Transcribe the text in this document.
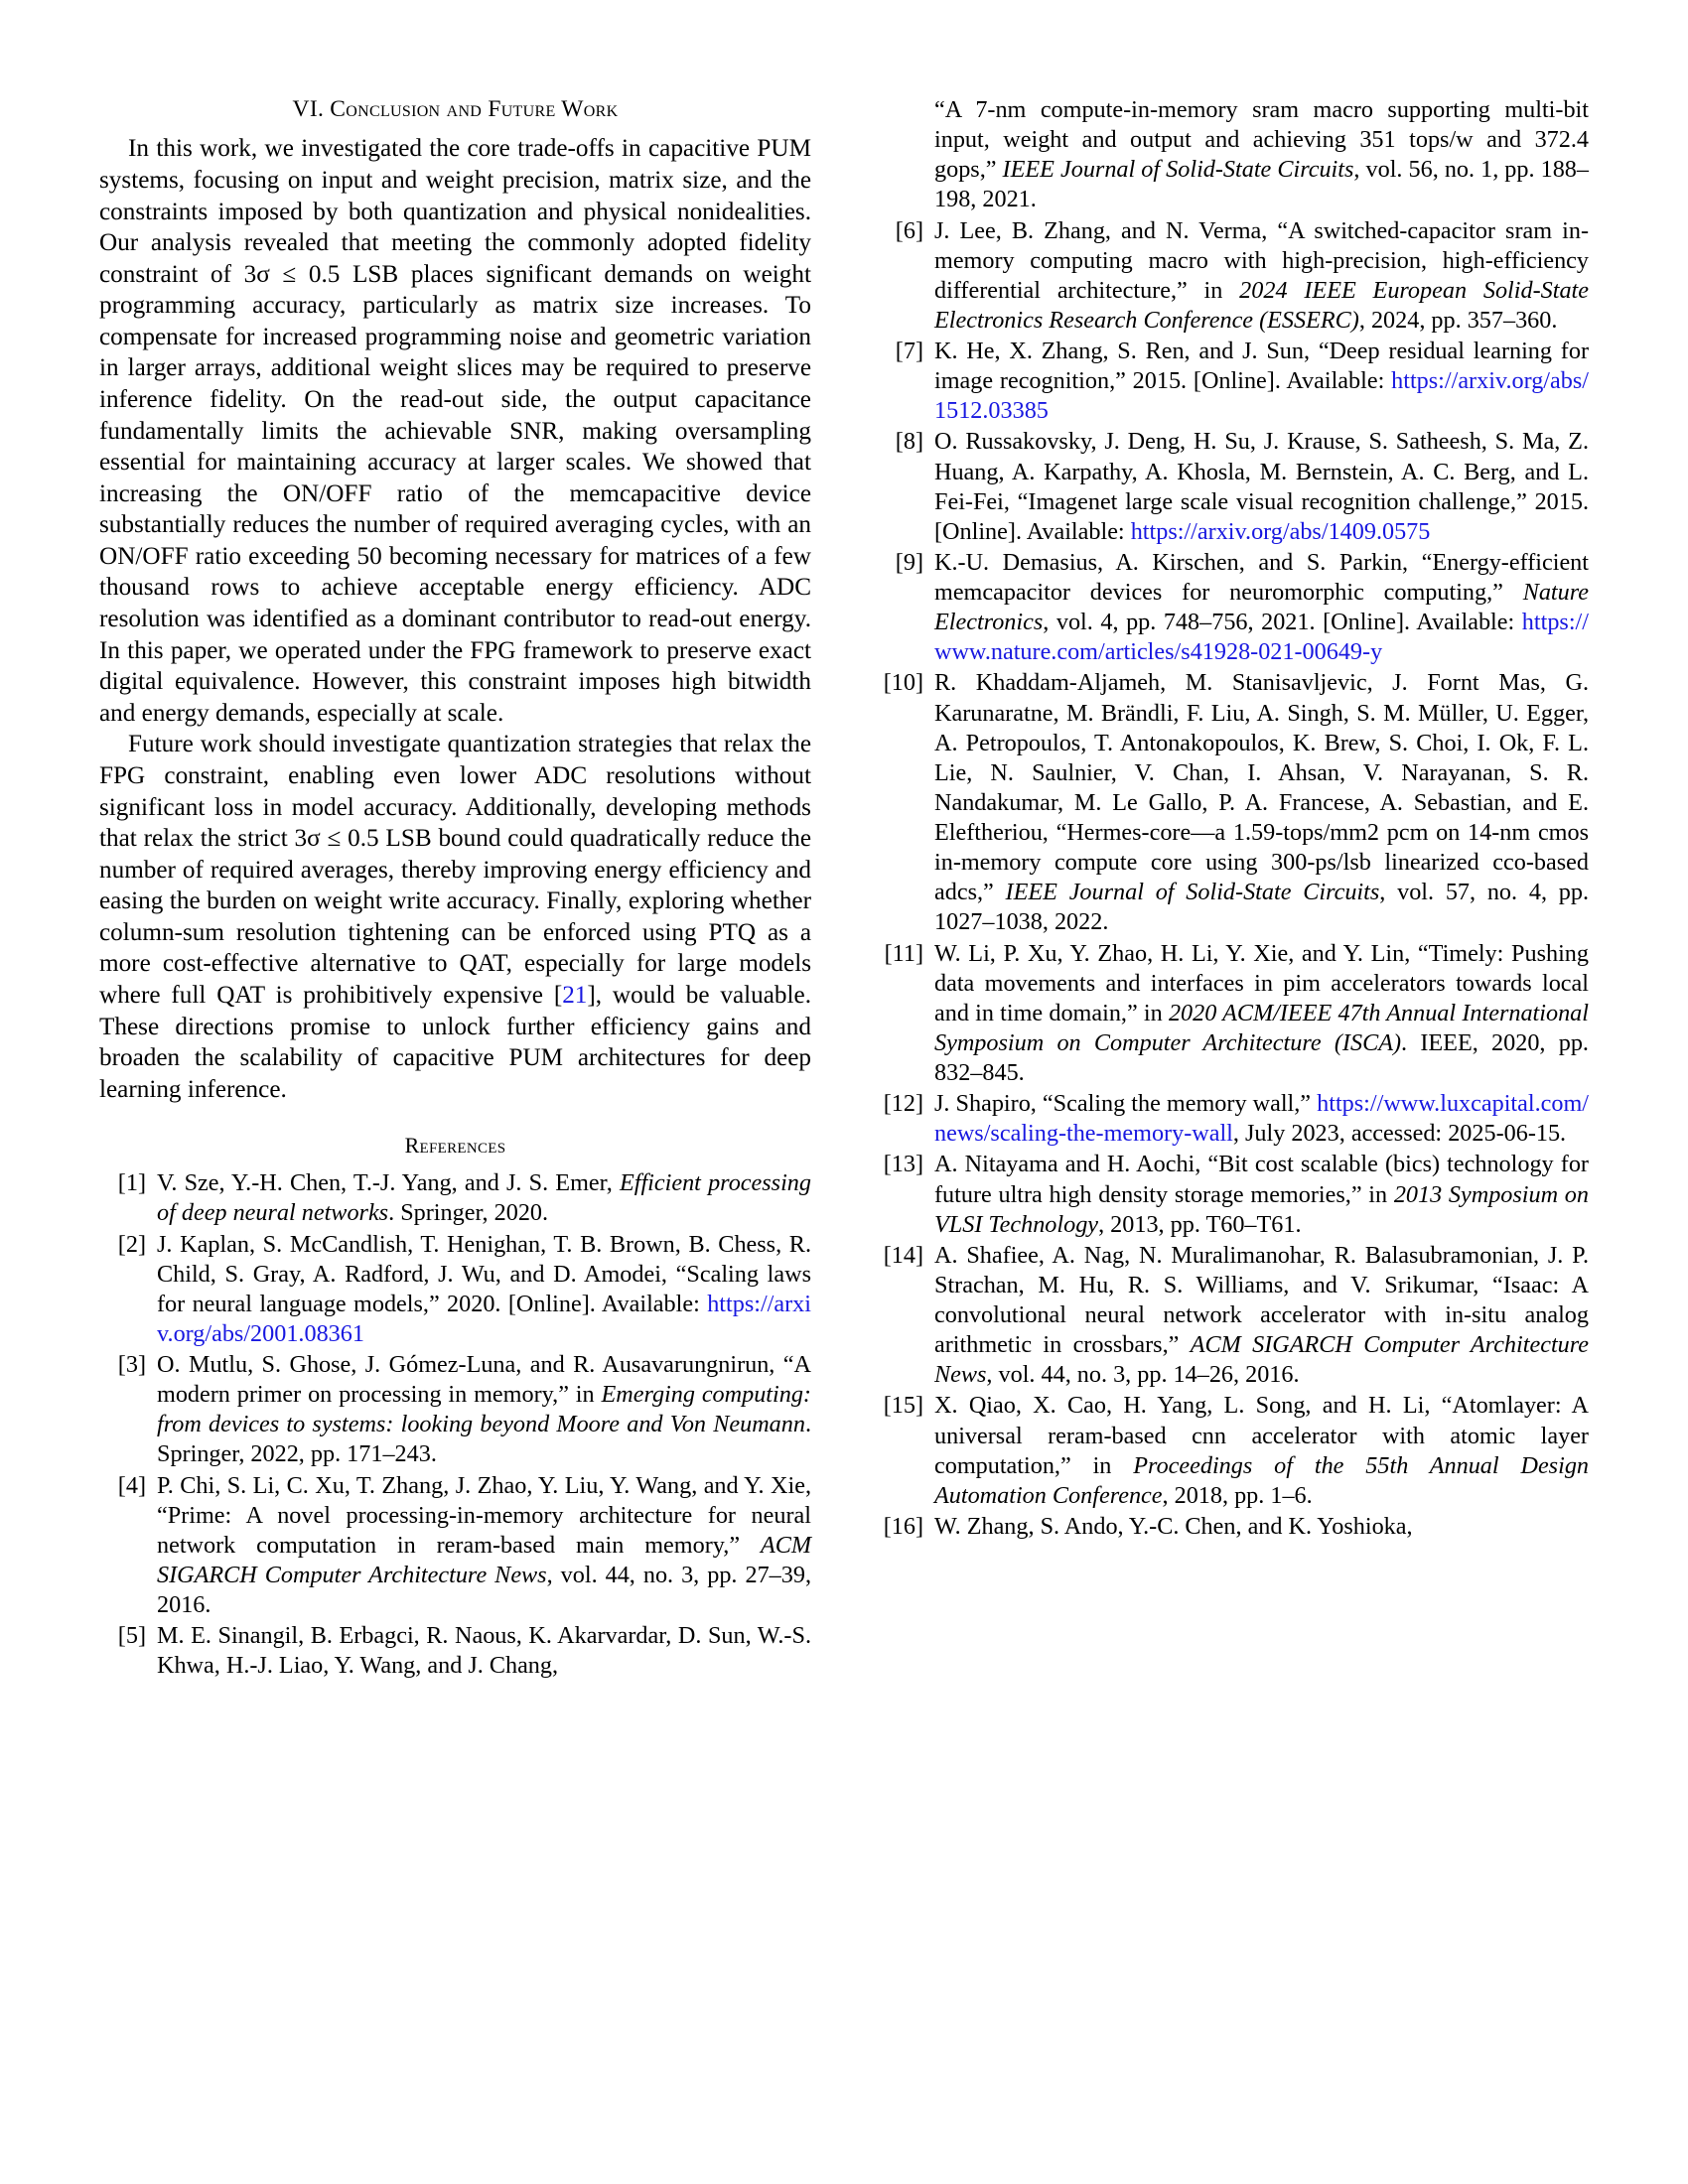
VI. Conclusion and Future Work

In this work, we investigated the core trade-offs in capacitive PUM systems, focusing on input and weight precision, matrix size, and the constraints imposed by both quantization and physical nonidealities. Our analysis revealed that meeting the commonly adopted fidelity constraint of 3σ ≤ 0.5 LSB places significant demands on weight programming accuracy, particularly as matrix size increases. To compensate for increased programming noise and geometric variation in larger arrays, additional weight slices may be required to preserve inference fidelity. On the read-out side, the output capacitance fundamentally limits the achievable SNR, making oversampling essential for maintaining accuracy at larger scales. We showed that increasing the ON/OFF ratio of the memcapacitive device substantially reduces the number of required averaging cycles, with an ON/OFF ratio exceeding 50 becoming necessary for matrices of a few thousand rows to achieve acceptable energy efficiency. ADC resolution was identified as a dominant contributor to read-out energy. In this paper, we operated under the FPG framework to preserve exact digital equivalence. However, this constraint imposes high bitwidth and energy demands, especially at scale.

Future work should investigate quantization strategies that relax the FPG constraint, enabling even lower ADC resolutions without significant loss in model accuracy. Additionally, developing methods that relax the strict 3σ ≤ 0.5 LSB bound could quadratically reduce the number of required averages, thereby improving energy efficiency and easing the burden on weight write accuracy. Finally, exploring whether column-sum resolution tightening can be enforced using PTQ as a more cost-effective alternative to QAT, especially for large models where full QAT is prohibitively expensive [21], would be valuable. These directions promise to unlock further efficiency gains and broaden the scalability of capacitive PUM architectures for deep learning inference.

References
[1] V. Sze, Y.-H. Chen, T.-J. Yang, and J. S. Emer, Efficient processing of deep neural networks. Springer, 2020.
[2] J. Kaplan, S. McCandlish, T. Henighan, T. B. Brown, B. Chess, R. Child, S. Gray, A. Radford, J. Wu, and D. Amodei, “Scaling laws for neural language models,” 2020. [Online]. Available: https://arxiv.org/abs/2001.08361
[3] O. Mutlu, S. Ghose, J. Gómez-Luna, and R. Ausavarungnirun, “A modern primer on processing in memory,” in Emerging computing: from devices to systems: looking beyond Moore and Von Neumann. Springer, 2022, pp. 171–243.
[4] P. Chi, S. Li, C. Xu, T. Zhang, J. Zhao, Y. Liu, Y. Wang, and Y. Xie, “Prime: A novel processing-in-memory architecture for neural network computation in reram-based main memory,” ACM SIGARCH Computer Architecture News, vol. 44, no. 3, pp. 27–39, 2016.
[5] M. E. Sinangil, B. Erbagci, R. Naous, K. Akarvardar, D. Sun, W.-S. Khwa, H.-J. Liao, Y. Wang, and J. Chang,
“A 7-nm compute-in-memory sram macro supporting multi-bit input, weight and output and achieving 351 tops/w and 372.4 gops,” IEEE Journal of Solid-State Circuits, vol. 56, no. 1, pp. 188–198, 2021.
[6] J. Lee, B. Zhang, and N. Verma, “A switched-capacitor sram in-memory computing macro with high-precision, high-efficiency differential architecture,” in 2024 IEEE European Solid-State Electronics Research Conference (ESSERC), 2024, pp. 357–360.
[7] K. He, X. Zhang, S. Ren, and J. Sun, “Deep residual learning for image recognition,” 2015. [Online]. Available: https://arxiv.org/abs/1512.03385
[8] O. Russakovsky, J. Deng, H. Su, J. Krause, S. Satheesh, S. Ma, Z. Huang, A. Karpathy, A. Khosla, M. Bernstein, A. C. Berg, and L. Fei-Fei, “Imagenet large scale visual recognition challenge,” 2015. [Online]. Available: https://arxiv.org/abs/1409.0575
[9] K.-U. Demasius, A. Kirschen, and S. Parkin, “Energy-efficient memcapacitor devices for neuromorphic computing,” Nature Electronics, vol. 4, pp. 748–756, 2021. [Online]. Available: https://www.nature.com/articles/s41928-021-00649-y
[10] R. Khaddam-Aljameh, M. Stanisavljevic, J. Fornt Mas, G. Karunaratne, M. Brändli, F. Liu, A. Singh, S. M. Müller, U. Egger, A. Petropoulos, T. Antonakopoulos, K. Brew, S. Choi, I. Ok, F. L. Lie, N. Saulnier, V. Chan, I. Ahsan, V. Narayanan, S. R. Nandakumar, M. Le Gallo, P. A. Francese, A. Sebastian, and E. Eleftheriou, “Hermes-core—a 1.59-tops/mm2 pcm on 14-nm cmos in-memory compute core using 300-ps/lsb linearized cco-based adcs,” IEEE Journal of Solid-State Circuits, vol. 57, no. 4, pp. 1027–1038, 2022.
[11] W. Li, P. Xu, Y. Zhao, H. Li, Y. Xie, and Y. Lin, “Timely: Pushing data movements and interfaces in pim accelerators towards local and in time domain,” in 2020 ACM/IEEE 47th Annual International Symposium on Computer Architecture (ISCA). IEEE, 2020, pp. 832–845.
[12] J. Shapiro, “Scaling the memory wall,” https://www.luxcapital.com/news/scaling-the-memory-wall, July 2023, accessed: 2025-06-15.
[13] A. Nitayama and H. Aochi, “Bit cost scalable (bics) technology for future ultra high density storage memories,” in 2013 Symposium on VLSI Technology, 2013, pp. T60–T61.
[14] A. Shafiee, A. Nag, N. Muralimanohar, R. Balasubramonian, J. P. Strachan, M. Hu, R. S. Williams, and V. Srikumar, “Isaac: A convolutional neural network accelerator with in-situ analog arithmetic in crossbars,” ACM SIGARCH Computer Architecture News, vol. 44, no. 3, pp. 14–26, 2016.
[15] X. Qiao, X. Cao, H. Yang, L. Song, and H. Li, “Atomlayer: A universal reram-based cnn accelerator with atomic layer computation,” in Proceedings of the 55th Annual Design Automation Conference, 2018, pp. 1–6.
[16] W. Zhang, S. Ando, Y.-C. Chen, and K. Yoshioka,
